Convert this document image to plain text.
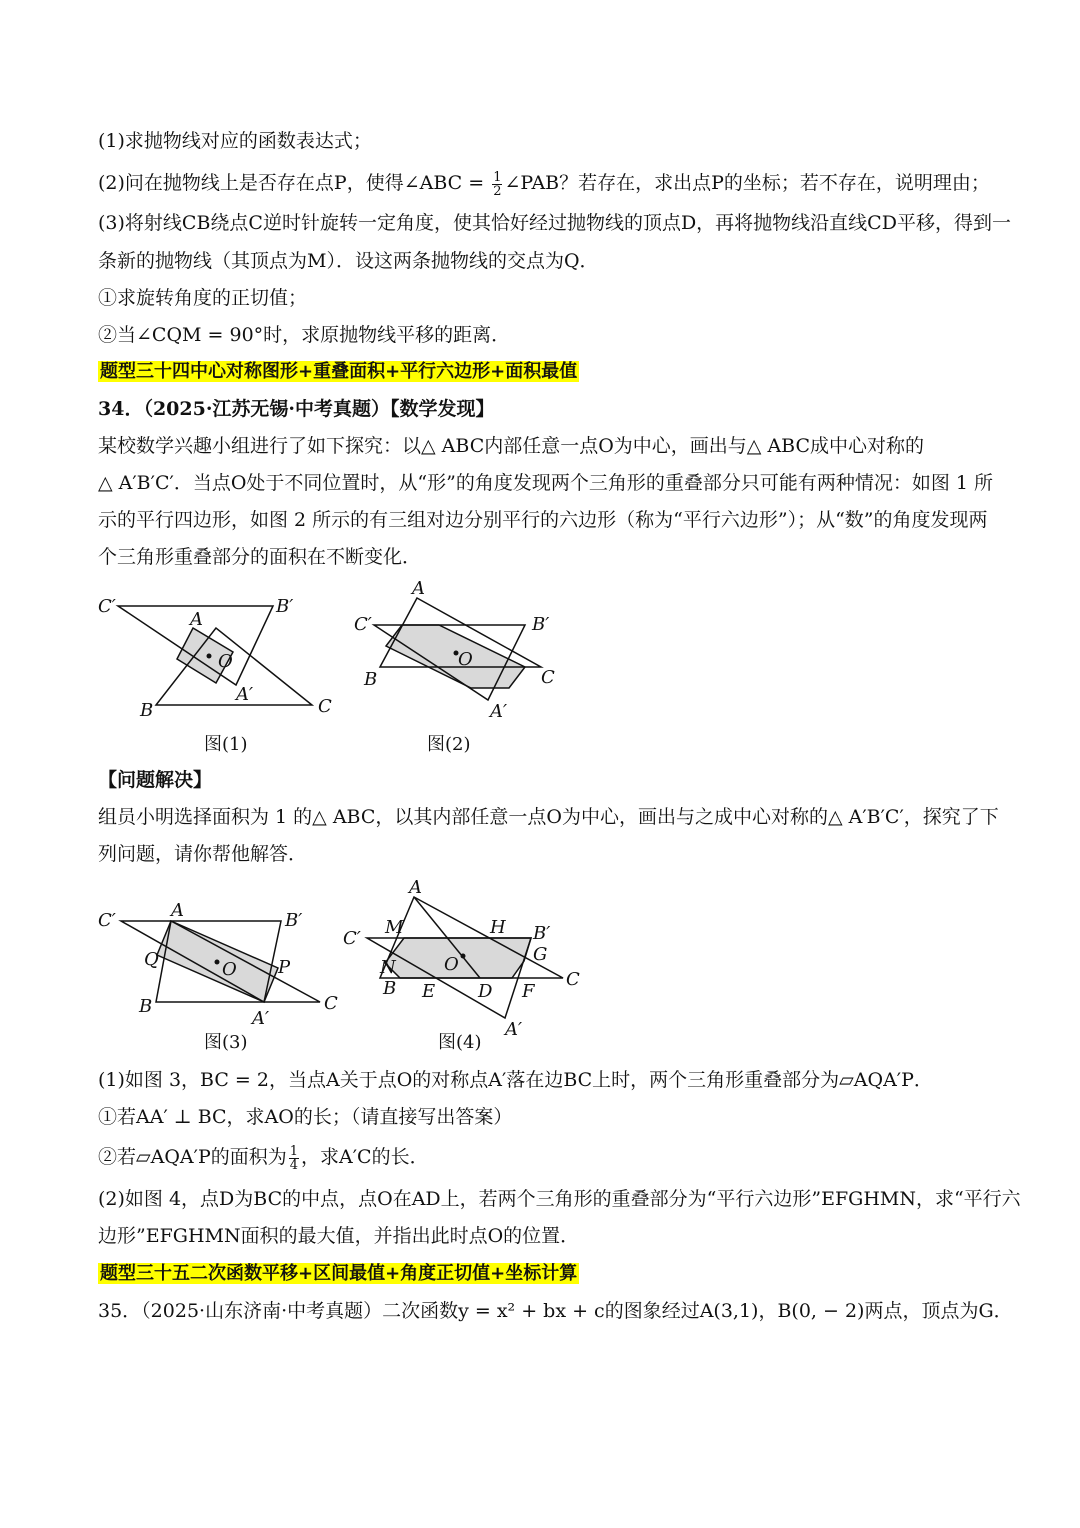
(1)求抛物线对应的函数表达式；
(2)问在抛物线上是否存在点P，使得∠ABC = $\frac{1}{2}$ ∠PAB？若存在，求出点P的坐标；若不存在，说明理由；
(3)将射线CB绕点C逆时针旋转一定角度，使其恰好经过抛物线的顶点D，再将抛物线沿直线CD平移，得到一
条新的抛物线（其顶点为M）．设这两条抛物线的交点为Q．
①求旋转角度的正切值；
②当∠CQM = 90°时，求原抛物线平移的距离．
题型三十四中心对称图形+重叠面积+平行六边形+面积最值
34．（2025·江苏无锡·中考真题）【数学发现】
某校数学兴趣小组进行了如下探究：以△ ABC内部任意一点O为中心，画出与△ ABC成中心对称的
△ A′B′C′．当点O处于不同位置时，从“形”的角度发现两个三角形的重叠部分只可能有两种情况：如图 1 所
示的平行四边形，如图 2 所示的有三组对边分别平行的六边形（称为“平行六边形”）；从“数”的角度发现两
个三角形重叠部分的面积在不断变化．
C′	B′
A
O
A′
B	C
图(1)
A
C′	B′
O
B	C
A′
图(2)
【问题解决】
组员小明选择面积为 1 的△ ABC，以其内部任意一点O为中心，画出与之成中心对称的△ A′B′C′，探究了下
列问题，请你帮他解答．
C′	A	B′
Q	O P
B	C
A′
图(3)
A
M	H B′
C′
G
N	O
B E D F
C
A′
图(4)
(1)如图 3，BC = 2，当点A关于点O的对称点A′落在边BC上时，两个三角形重叠部分为▱AQA′P．
①若AA′ ⊥ BC，求AO的长；（请直接写出答案）
②若▱AQA′P的面积为 $\frac{1}{4}$ ，求A′C的长．
(2)如图 4，点D为BC的中点，点O在AD上，若两个三角形的重叠部分为“平行六边形”EFGHMN，求“平行六
边形”EFGHMN面积的最大值，并指出此时点O的位置．
题型三十五二次函数平移+区间最值+角度正切值+坐标计算
35．（2025·山东济南·中考真题）二次函数y = x² + bx + c的图象经过A(3,1)，B(0, − 2)两点，顶点为G．
